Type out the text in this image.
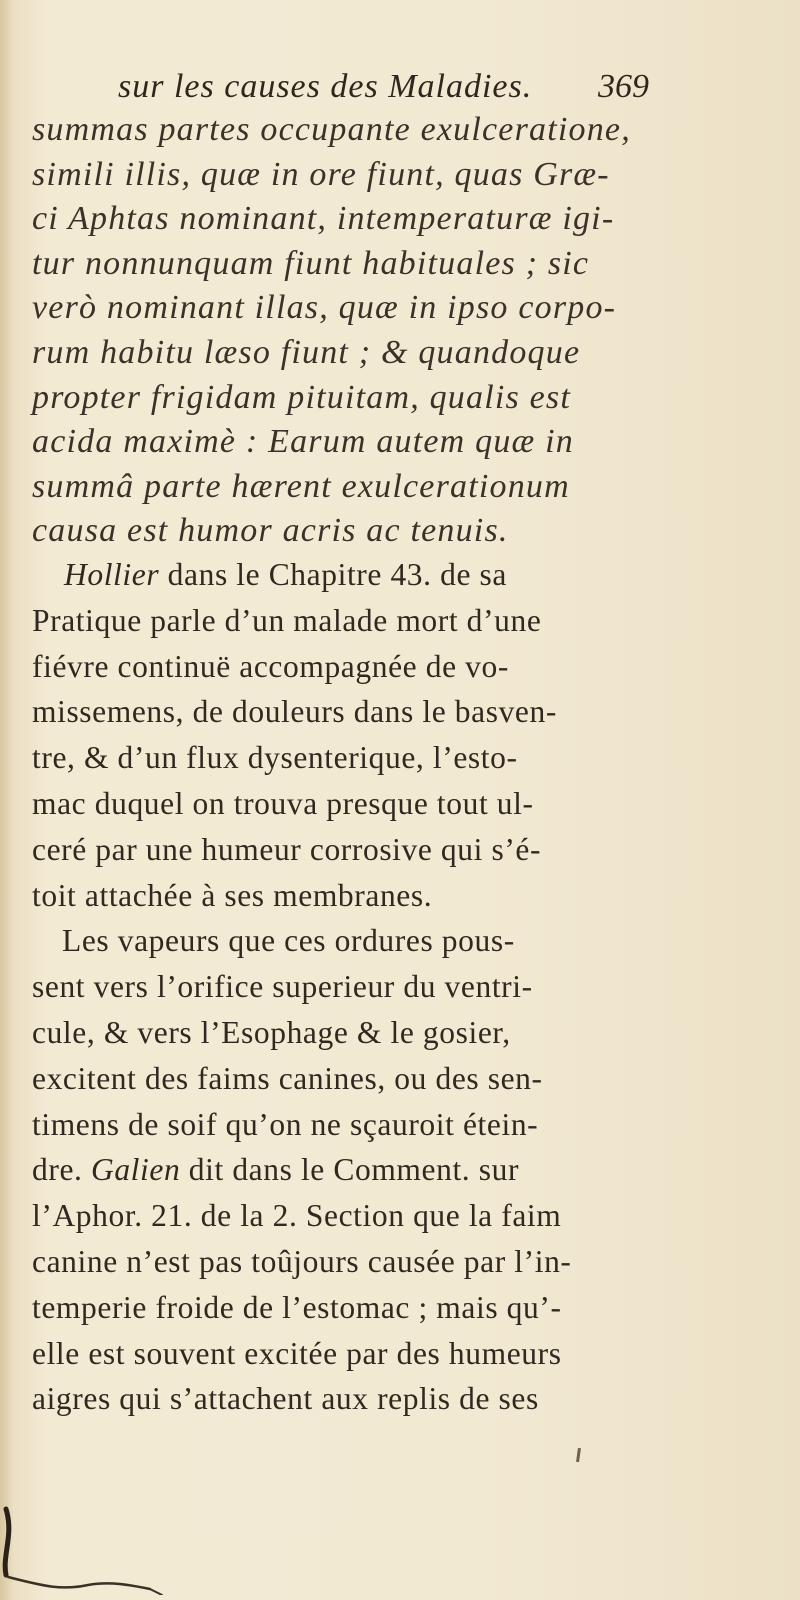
sur les causes des Maladies. 369
summas partes occupante exulceratione,
simili illis, quæ in ore fiunt, quas Græ-
ci Aphtas nominant, intemperaturæ igi-
tur nonnunquam fiunt habituales ; sic
verò nominant illas, quæ in ipso corpo-
rum habitu læso fiunt ; & quandoque
propter frigidam pituitam, qualis est
acida maximè : Earum autem quæ in
summâ parte hærent exulcerationum
causa est humor acris ac tenuis.
Hollier dans le Chapitre 43. de sa
Pratique parle d’un malade mort d’une
fiévre continuë accompagnée de vo-
missemens, de douleurs dans le basven-
tre, & d’un flux dysenterique, l’esto-
mac duquel on trouva presque tout ul-
ceré par une humeur corrosive qui s’é-
toit attachée à ses membranes.
Les vapeurs que ces ordures pous-
sent vers l’orifice superieur du ventri-
cule, & vers l’Esophage & le gosier,
excitent des faims canines, ou des sen-
timens de soif qu’on ne sçauroit étein-
dre. Galien dit dans le Comment. sur
l’Aphor. 21. de la 2. Section que la faim
canine n’est pas toûjours causée par l’in-
temperie froide de l’estomac ; mais qu’-
elle est souvent excitée par des humeurs
aigres qui s’attachent aux replis de ses
